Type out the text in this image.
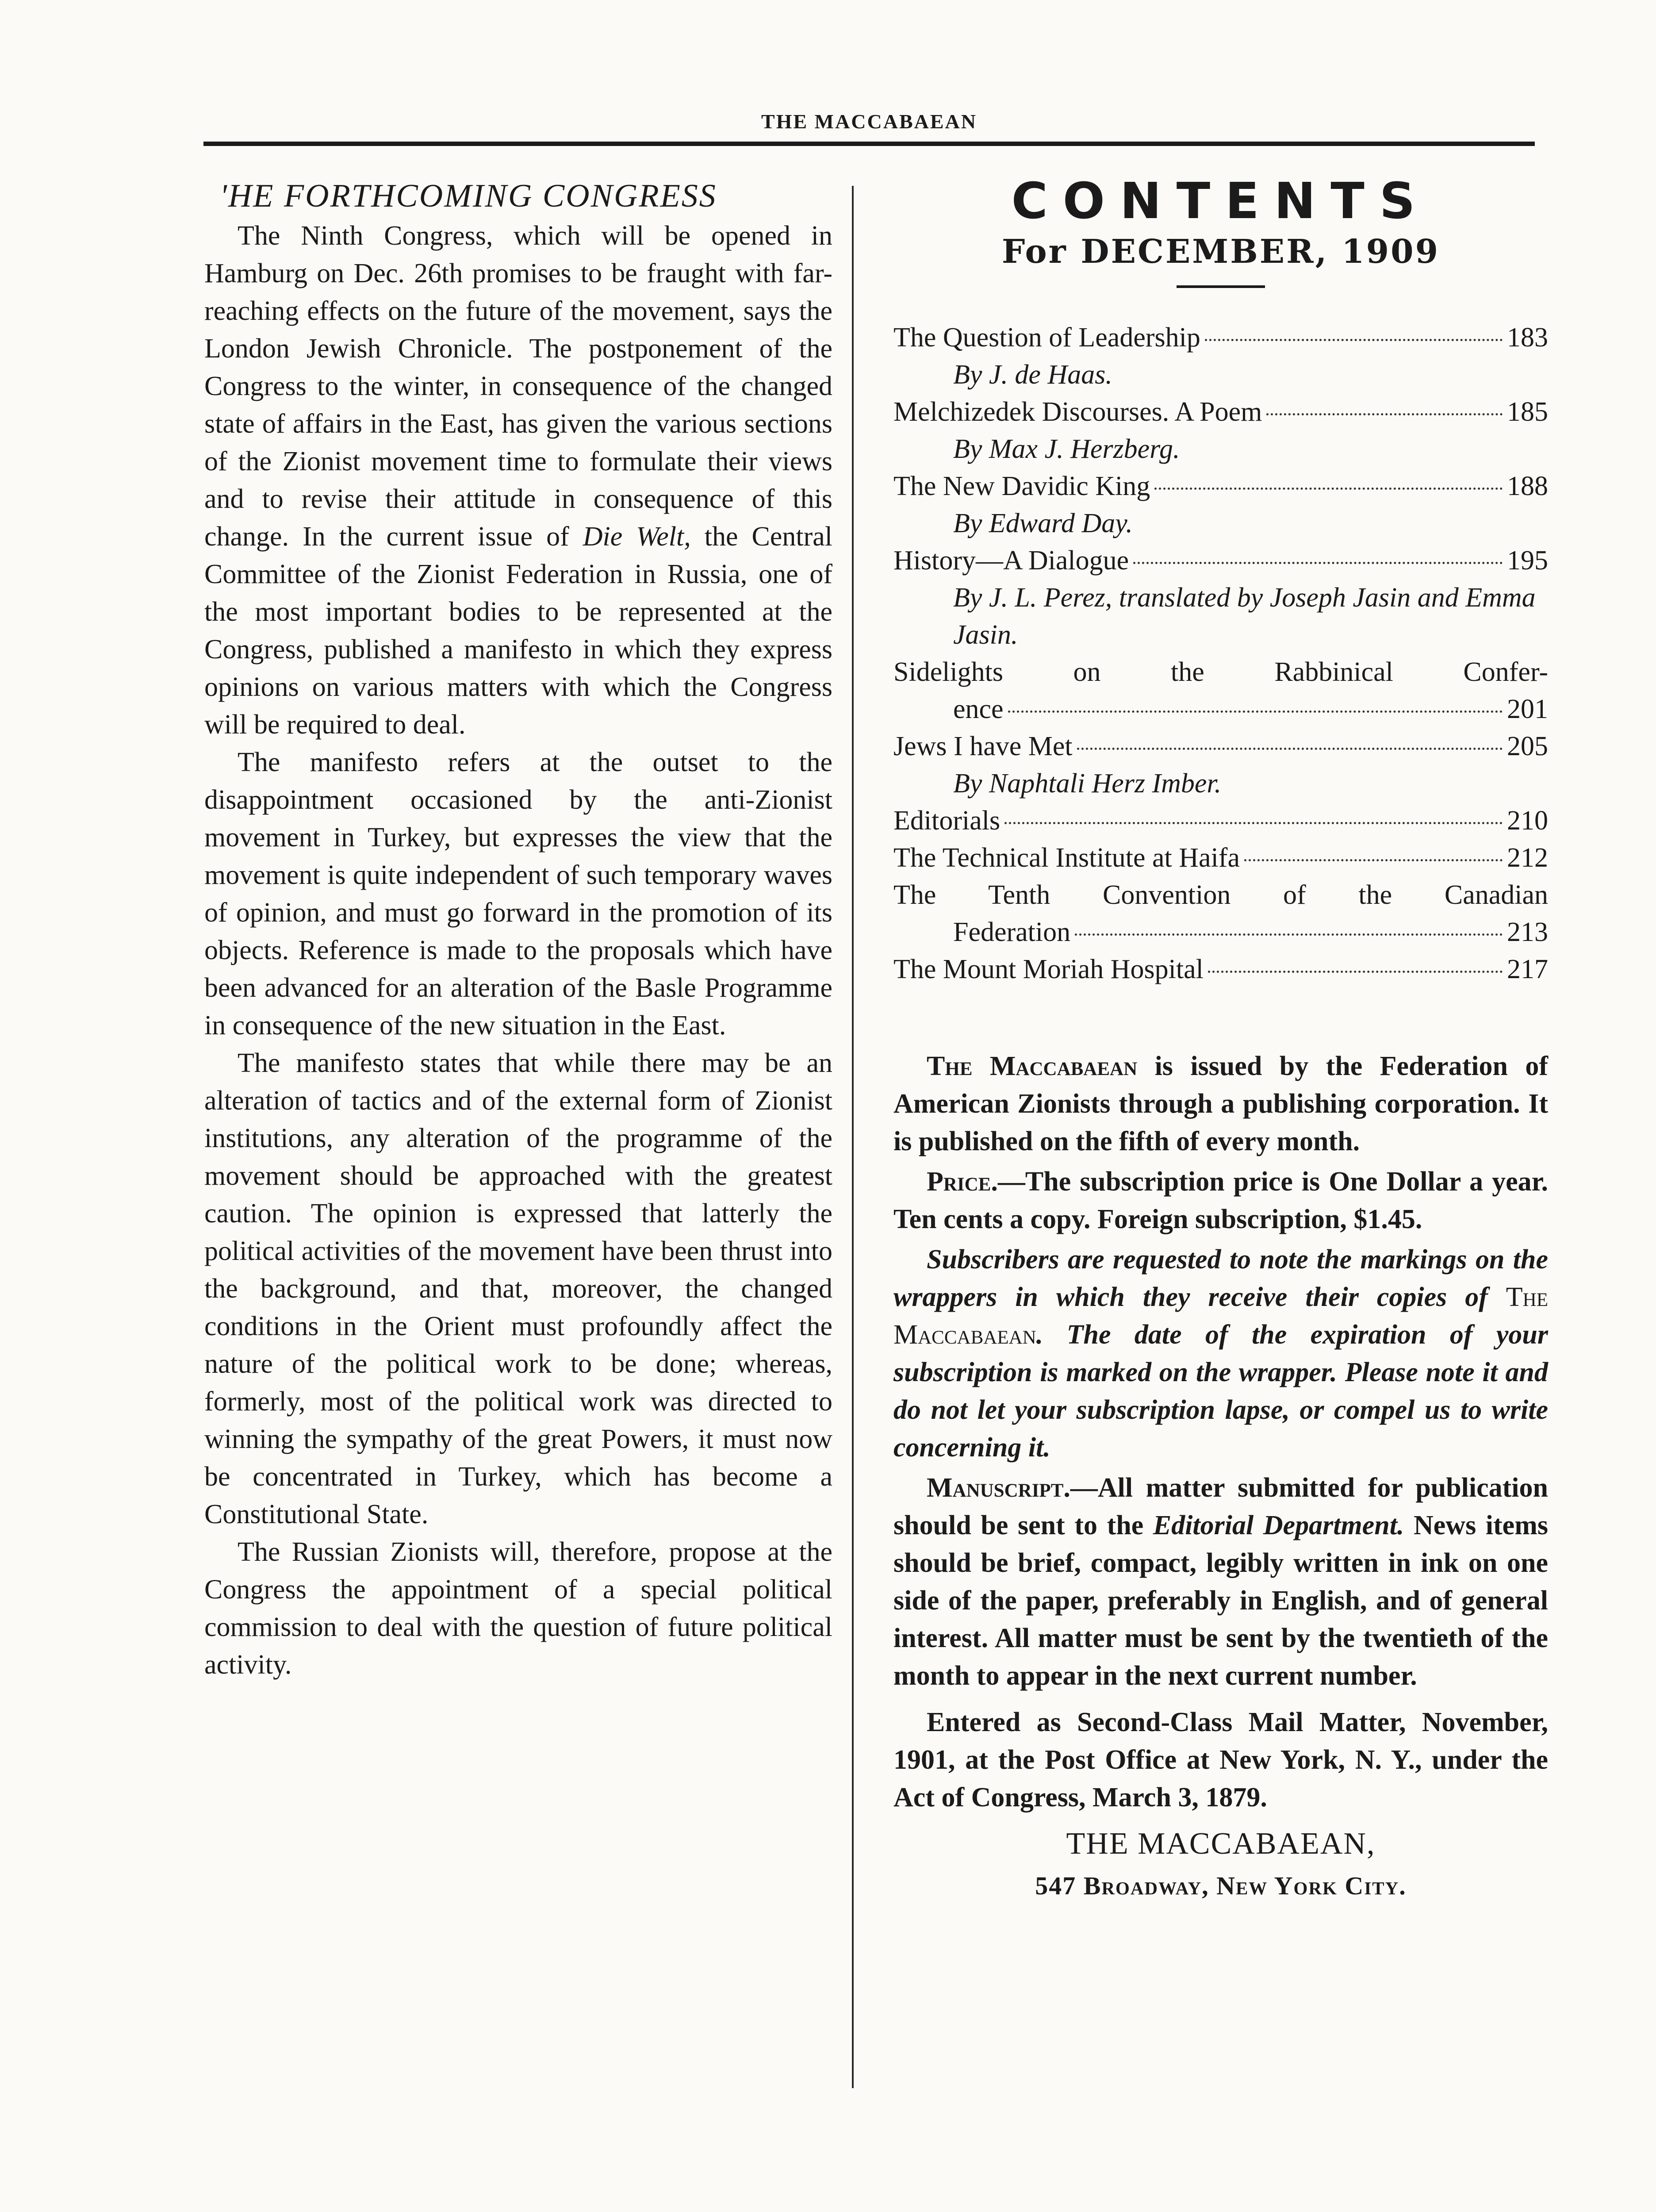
THE MACCABAEAN
'HE FORTHCOMING CONGRESS

The Ninth Congress, which will be opened in Hamburg on Dec. 26th promises to be fraught with far-reaching effects on the future of the movement, says the London Jewish Chronicle. The postponement of the Congress to the winter, in consequence of the changed state of affairs in the East, has given the various sections of the Zionist movement time to formulate their views and to revise their attitude in consequence of this change. In the current issue of Die Welt, the Central Committee of the Zionist Federation in Russia, one of the most important bodies to be represented at the Congress, published a manifesto in which they express opinions on various matters with which the Congress will be required to deal.

The manifesto refers at the outset to the disappointment occasioned by the anti-Zionist movement in Turkey, but expresses the view that the movement is quite independent of such temporary waves of opinion, and must go forward in the promotion of its objects. Reference is made to the proposals which have been advanced for an alteration of the Basle Programme in consequence of the new situation in the East.

The manifesto states that while there may be an alteration of tactics and of the external form of Zionist institutions, any alteration of the programme of the movement should be approached with the greatest caution. The opinion is expressed that latterly the political activities of the movement have been thrust into the background, and that, moreover, the changed conditions in the Orient must profoundly affect the nature of the political work to be done; whereas, formerly, most of the political work was directed to winning the sympathy of the great Powers, it must now be concentrated in Turkey, which has become a Constitutional State.

The Russian Zionists will, therefore, propose at the Congress the appointment of a special political commission to deal with the question of future political activity.

CONTENTS
For DECEMBER, 1909
The Question of Leadership	183
By J. de Haas.
Melchizedek Discourses. A Poem	185
By Max J. Herzberg.
The New Davidic King	188
By Edward Day.
History—A Dialogue	195
By J. L. Perez, translated by Joseph Jasin and Emma Jasin.
Sidelights on the Rabbinical Confer-
ence	201
Jews I have Met	205
By Naphtali Herz Imber.
Editorials	210
The Technical Institute at Haifa	212
The Tenth Convention of the Canadian
Federation	213
The Mount Moriah Hospital	217

The Maccabaean is issued by the Federation of American Zionists through a publishing corporation. It is published on the fifth of every month.

Price.—The subscription price is One Dollar a year. Ten cents a copy. Foreign subscription, $1.45.

Subscribers are requested to note the markings on the wrappers in which they receive their copies of The Maccabaean. The date of the expiration of your subscription is marked on the wrapper. Please note it and do not let your subscription lapse, or compel us to write concerning it.

Manuscript.—All matter submitted for publication should be sent to the Editorial Department. News items should be brief, compact, legibly written in ink on one side of the paper, preferably in English, and of general interest. All matter must be sent by the twentieth of the month to appear in the next current number.

Entered as Second-Class Mail Matter, November, 1901, at the Post Office at New York, N. Y., under the Act of Congress, March 3, 1879.

THE MACCABAEAN,
547 Broadway, New York City.
